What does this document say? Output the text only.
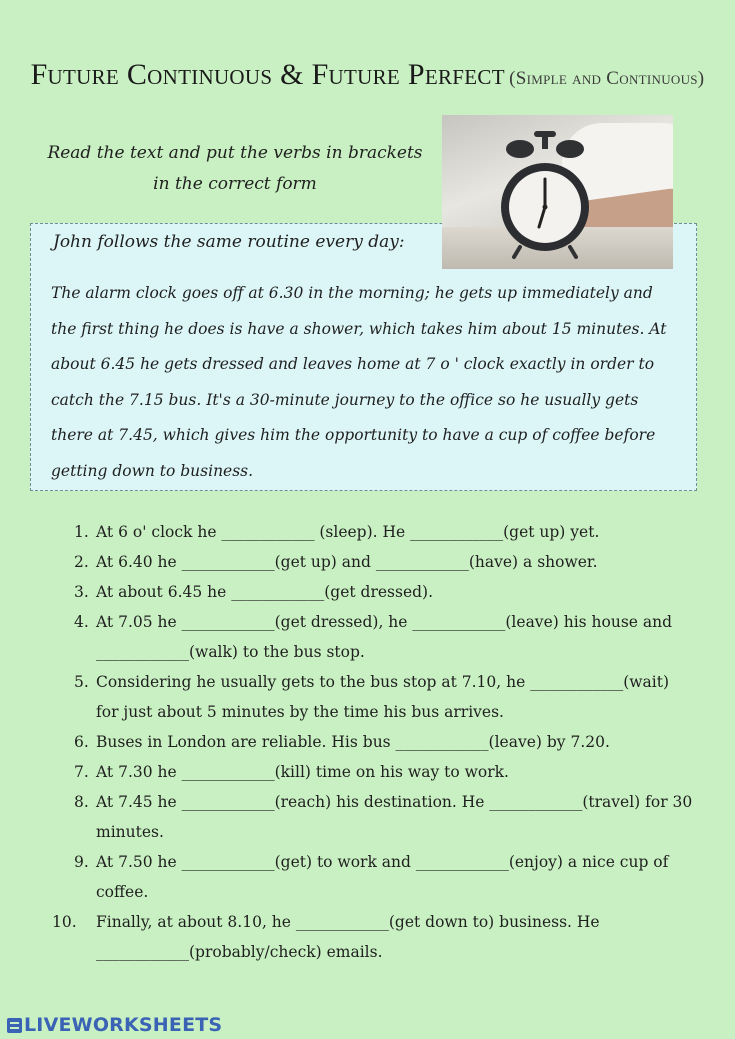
Future Continuous & Future Perfect (Simple and Continuous)
Read the text and put the verbs in brackets
in the correct form
John follows the same routine every day:

The alarm clock goes off at 6.30 in the morning; he gets up immediately and the first thing he does is have a shower, which takes him about 15 minutes. At about 6.45 he gets dressed and leaves home at 7 o ' clock exactly in order to catch the 7.15 bus. It's a 30-minute journey to the office so he usually gets there at 7.45, which gives him the opportunity to have a cup of coffee before getting down to business.

1. At 6 o' clock he ____________ (sleep). He ____________(get up) yet.
2. At 6.40 he ____________(get up) and ____________(have) a shower.
3. At about 6.45 he ____________(get dressed).
4. At 7.05 he ____________(get dressed), he ____________(leave) his house and ____________(walk) to the bus stop.
5. Considering he usually gets to the bus stop at 7.10, he ____________(wait) for just about 5 minutes by the time his bus arrives.
6. Buses in London are reliable. His bus ____________(leave) by 7.20.
7. At 7.30 he ____________(kill) time on his way to work.
8. At 7.45 he ____________(reach) his destination. He ____________(travel) for 30 minutes.
9. At 7.50 he ____________(get) to work and ____________(enjoy) a nice cup of coffee.
10. Finally, at about 8.10, he ____________(get down to) business. He ____________(probably/check) emails.
LIVEWORKSHEETS
